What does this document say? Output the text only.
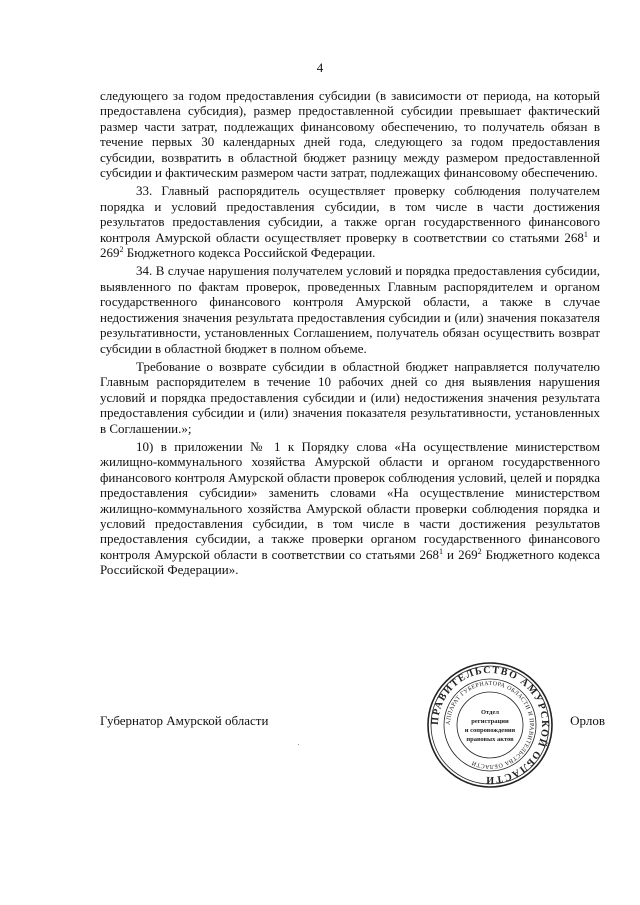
4

следующего за годом предоставления субсидии (в зависимости от периода, на который предоставлена субсидия), размер предоставленной субсидии превышает фактический размер части затрат, подлежащих финансовому обеспечению, то получатель обязан в течение первых 30 календарных дней года, следующего за годом предоставления субсидии, возвратить в областной бюджет разницу между размером предоставленной субсидии и фактическим размером части затрат, подлежащих финансовому обеспечению.

33. Главный распорядитель осуществляет проверку соблюдения получателем порядка и условий предоставления субсидии, в том числе в части достижения результатов предоставления субсидии, а также орган государственного финансового контроля Амурской области осуществляет проверку в соответствии со статьями $268^1$ и $269^2$ Бюджетного кодекса Российской Федерации.

34. В случае нарушения получателем условий и порядка предоставления субсидии, выявленного по фактам проверок, проведенных Главным распорядителем и органом государственного финансового контроля Амурской области, а также в случае недостижения значения результата предоставления субсидии и (или) значения показателя результативности, установленных Соглашением, получатель обязан осуществить возврат субсидии в областной бюджет в полном объеме.

Требование о возврате субсидии в областной бюджет направляется получателю Главным распорядителем в течение 10 рабочих дней со дня выявления нарушения условий и порядка предоставления субсидии и (или) недостижения значения результата предоставления субсидии и (или) значения показателя результативности, установленных в Соглашении.»;

10) в приложении № 1 к Порядку слова «На осуществление министерством жилищно-коммунального хозяйства Амурской области и органом государственного финансового контроля Амурской области проверок соблюдения условий, целей и порядка предоставления субсидии» заменить словами «На осуществление министерством жилищно-коммунального хозяйства Амурской области проверки соблюдения порядка и условий предоставления субсидии, в том числе в части достижения результатов предоставления субсидии, а также проверки органом государственного финансового контроля Амурской области в соответствии со статьями $268^1$ и $269^2$ Бюджетного кодекса Российской Федерации».

Губернатор Амурской области	Орлов
ПРАВИТЕЛЬСТВО АМУРСКОЙ ОБЛАСТИ
АППАРАТ ГУБЕРНАТОРА ОБЛАСТИ И ПРАВИТЕЛЬСТВА ОБЛАСТИ
Отдел
регистрации
и сопровождения
правовых актов
